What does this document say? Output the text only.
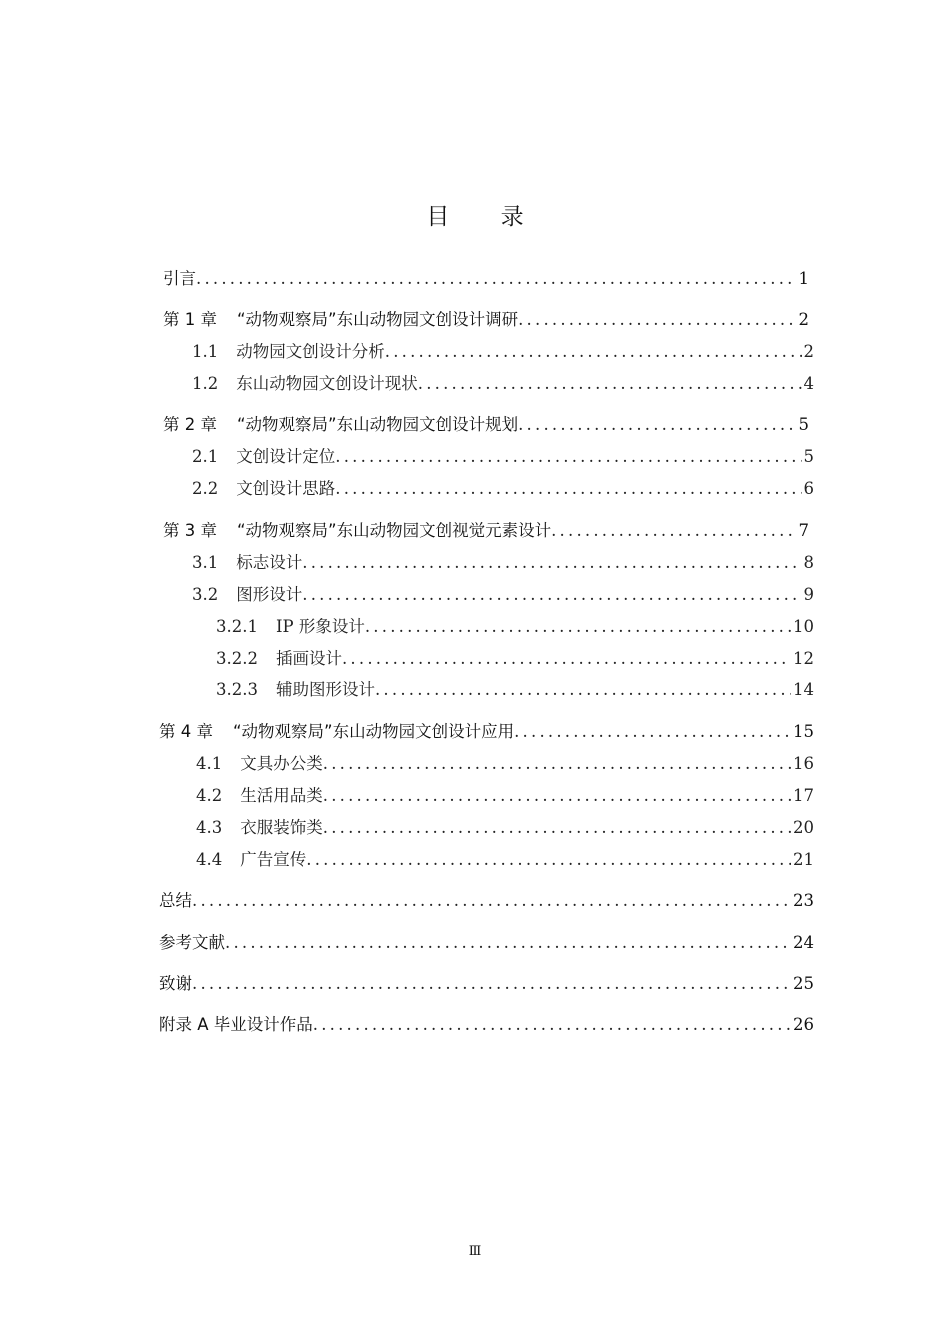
目 录
引言 .....	1
第 1 章 “动物观察局”东山动物园文创设计调研 .....	2
1.1 动物园文创设计分析 .....	2
1.2 东山动物园文创设计现状 .....	4
第 2 章 “动物观察局”东山动物园文创设计规划 .....	5
2.1 文创设计定位 .....	5
2.2 文创设计思路 .....	6
第 3 章 “动物观察局”东山动物园文创视觉元素设计 .....	7
3.1 标志设计 .....	8
3.2 图形设计 .....	9
3.2.1 IP 形象设计 .....	10
3.2.2 插画设计 .....	12
3.2.3 辅助图形设计 .....	14
第 4 章 “动物观察局”东山动物园文创设计应用 .....	15
4.1 文具办公类 .....	16
4.2 生活用品类 .....	17
4.3 衣服装饰类 .....	20
4.4 广告宣传 .....	21
总结 .....	23
参考文献 .....	24
致谢 .....	25
附录 A 毕业设计作品 .....	26
Ⅲ
